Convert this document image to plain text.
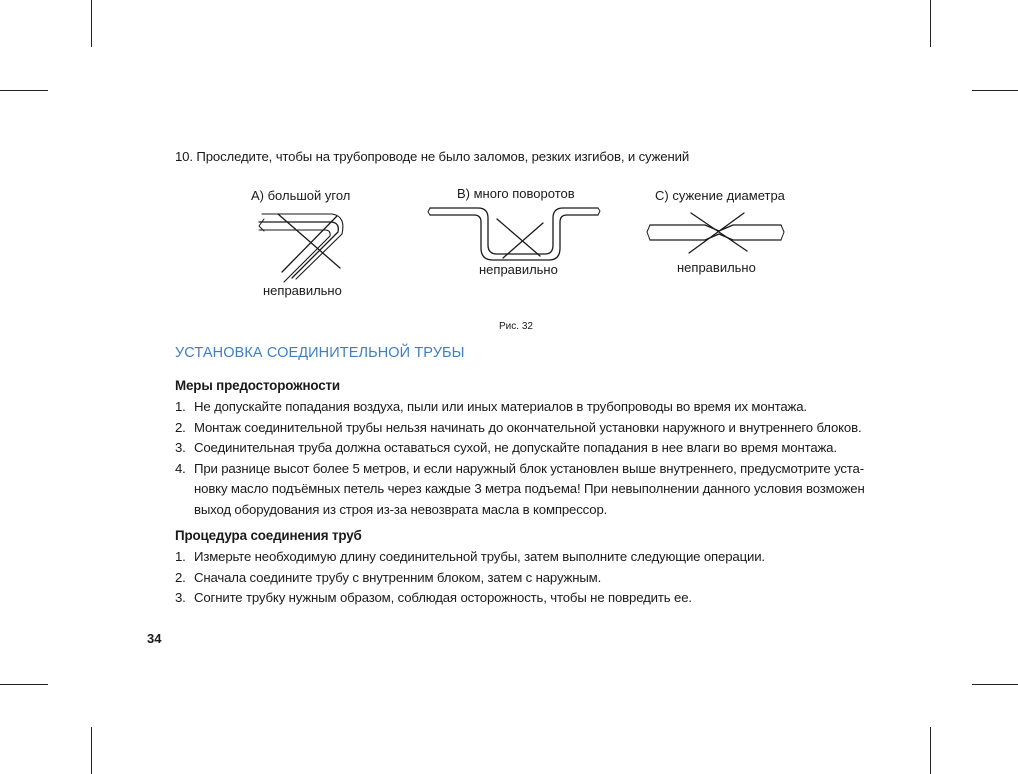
10. Проследите, чтобы на трубопроводе не было заломов, резких изгибов, и сужений
А) большой угол	В) много поворотов	С) сужение диаметра
неправильно
неправильно	неправильно
Рис. 32
УСТАНОВКА СОЕДИНИТЕЛЬНОЙ ТРУБЫ
Меры предосторожности
1. Не допускайте попадания воздуха, пыли или иных материалов в трубопроводы во время их монтажа.
2. Монтаж соединительной трубы нельзя начинать до окончательной установки наружного и внутреннего блоков.
3. Соединительная труба должна оставаться сухой, не допускайте попадания в нее влаги во время монтажа.
4. При разнице высот более 5 метров, и если наружный блок установлен выше внутреннего, предусмотрите уста-
новку масло подъёмных петель через каждые 3 метра подъема! При невыполнении данного условия возможен
выход оборудования из строя из-за невозврата масла в компрессор.
Процедура соединения труб
1. Измерьте необходимую длину соединительной трубы, затем выполните следующие операции.
2. Сначала соедините трубу с внутренним блоком, затем с наружным.
3. Согните трубку нужным образом, соблюдая осторожность, чтобы не повредить ее.
34
